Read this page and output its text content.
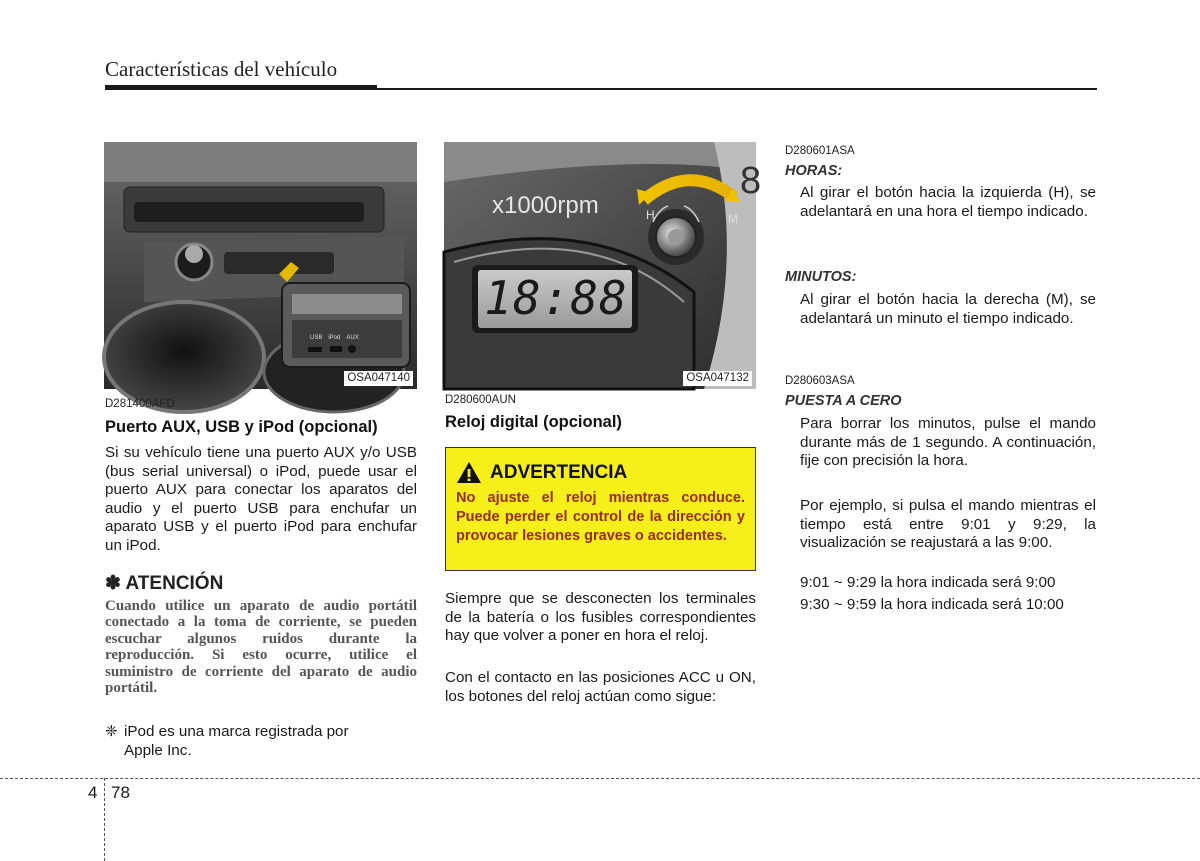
Características del vehículo
USB iPod AUX
OSA047140
D281400AFD
Puerto AUX, USB y iPod (opcional)
Si su vehículo tiene una puerto AUX y/o USB (bus serial universal) o iPod, puede usar el puerto AUX para conectar los aparatos del audio y el puerto USB para enchufar un aparato USB y el puerto iPod para enchufar un iPod.
✽ ATENCIÓN
Cuando utilice un aparato de audio portátil conectado a la toma de corriente, se pueden escuchar algunos ruidos durante la reproducción. Si esto ocurre, utilice el suministro de corriente del aparato de audio portátil.
❈ iPod es una marca registrada por
Apple Inc.
x1000rpm
18:88
H	M
8
OSA047132
D280600AUN
Reloj digital (opcional)
ADVERTENCIA
No ajuste el reloj mientras conduce. Puede perder el control de la dirección y provocar lesiones graves o accidentes.
Siempre que se desconecten los terminales de la batería o los fusibles correspondientes hay que volver a poner en hora el reloj.
Con el contacto en las posiciones ACC u ON, los botones del reloj actúan como sigue:
D280601ASA
HORAS:
Al girar el botón hacia la izquierda (H), se adelantará en una hora el tiempo indicado.
MINUTOS:
Al girar el botón hacia la derecha (M), se adelantará un minuto el tiempo indicado.
D280603ASA
PUESTA A CERO
Para borrar los minutos, pulse el mando durante más de 1 segundo. A continuación, fije con precisión la hora.
Por ejemplo, si pulsa el mando mientras el tiempo está entre 9:01 y 9:29, la visualización se reajustará a las 9:00.
9:01 ~ 9:29 la hora indicada será 9:00
9:30 ~ 9:59 la hora indicada será 10:00
4 78
